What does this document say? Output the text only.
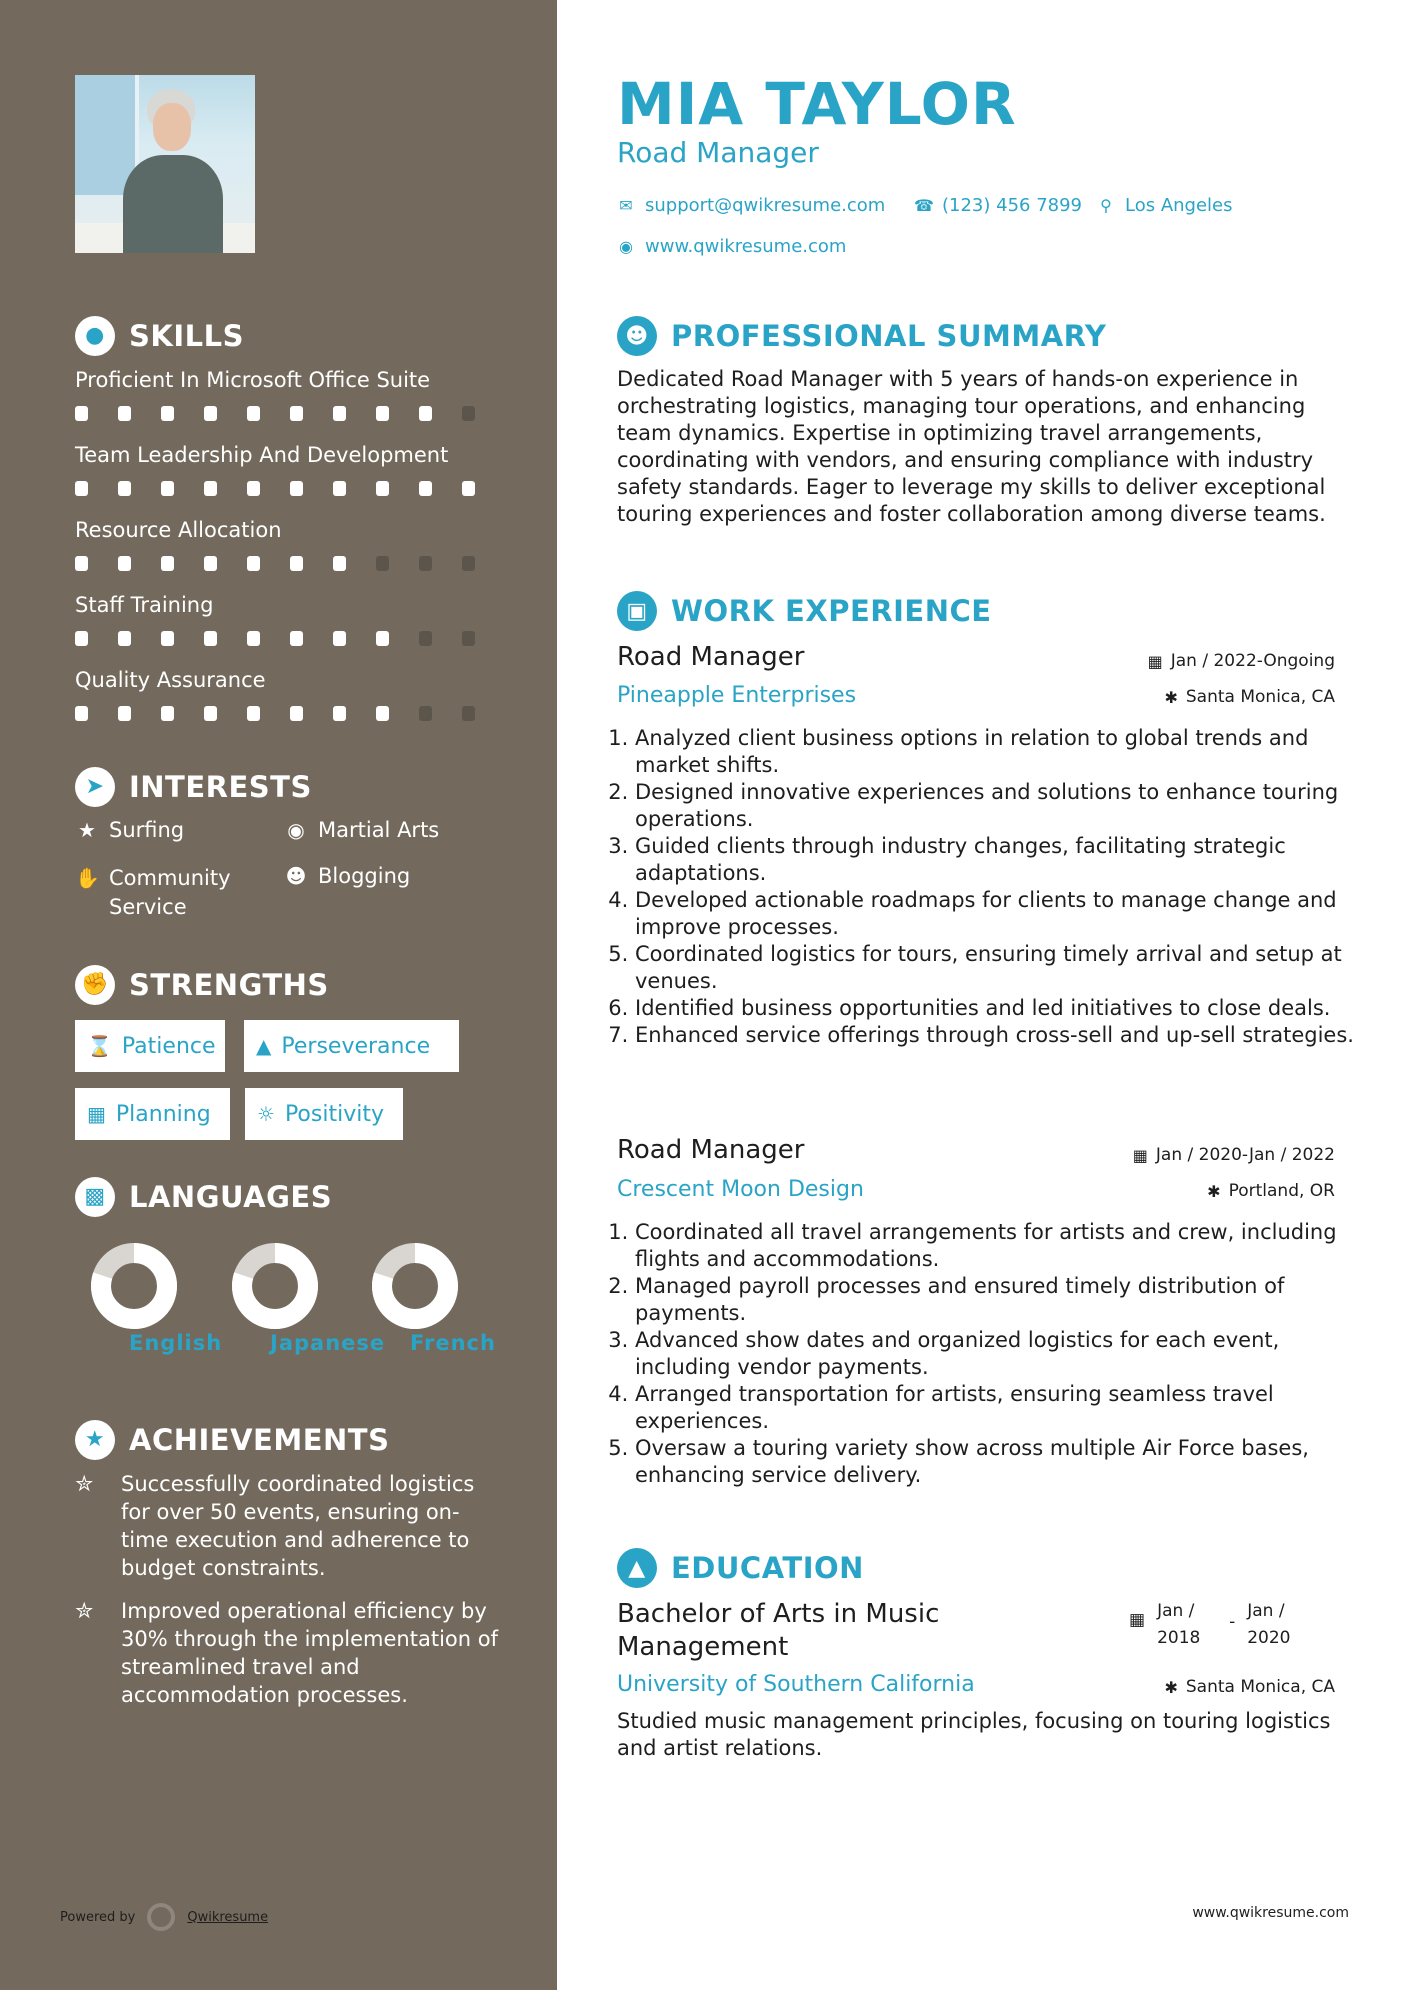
● SKILLS
Proficient In Microsoft Office Suite
Team Leadership And Development
Resource Allocation
Staff Training
Quality Assurance
➤ INTERESTS
★ Surfing	◉ Martial Arts
✋ Community Service
☻ Blogging
✊ STRENGTHS
⌛ Patience ▲ Perseverance
▦ Planning ☼ Positivity
▩ LANGUAGES
English Japanese French
★ ACHIEVEMENTS
✮	Successfully coordinated logistics for over 50 events, ensuring on-time execution and adherence to budget constraints.
✮	Improved operational efficiency by 30% through the implementation of streamlined travel and accommodation processes.
Powered by	Qwikresume
MIA TAYLOR
Road Manager
✉ support@qwikresume.com ☎ (123) 456 7899 ⚲ Los Angeles
◉ www.qwikresume.com
☻ PROFESSIONAL SUMMARY
Dedicated Road Manager with 5 years of hands-on experience in orchestrating logistics, managing tour operations, and enhancing team dynamics. Expertise in optimizing travel arrangements, coordinating with vendors, and ensuring compliance with industry safety standards. Eager to leverage my skills to deliver exceptional touring experiences and foster collaboration among diverse teams.
▣ WORK EXPERIENCE
Road Manager	▦ Jan / 2022-Ongoing
Pineapple Enterprises	✱ Santa Monica, CA
1. Analyzed client business options in relation to global trends and market shifts.
2. Designed innovative experiences and solutions to enhance touring operations.
3. Guided clients through industry changes, facilitating strategic adaptations.
4. Developed actionable roadmaps for clients to manage change and improve processes.
5. Coordinated logistics for tours, ensuring timely arrival and setup at venues.
6. Identified business opportunities and led initiatives to close deals.
7. Enhanced service offerings through cross-sell and up-sell strategies.
Road Manager	▦ Jan / 2020-Jan / 2022
Crescent Moon Design	✱ Portland, OR
1. Coordinated all travel arrangements for artists and crew, including flights and accommodations.
2. Managed payroll processes and ensured timely distribution of payments.
3. Advanced show dates and organized logistics for each event, including vendor payments.
4. Arranged transportation for artists, ensuring seamless travel experiences.
5. Oversaw a touring variety show across multiple Air Force bases, enhancing service delivery.
▲ EDUCATION
Bachelor of Arts in Music Management
▦ Jan / 2018
-
Jan / 2020
University of Southern California	✱ Santa Monica, CA
Studied music management principles, focusing on touring logistics and artist relations.
www.qwikresume.com
